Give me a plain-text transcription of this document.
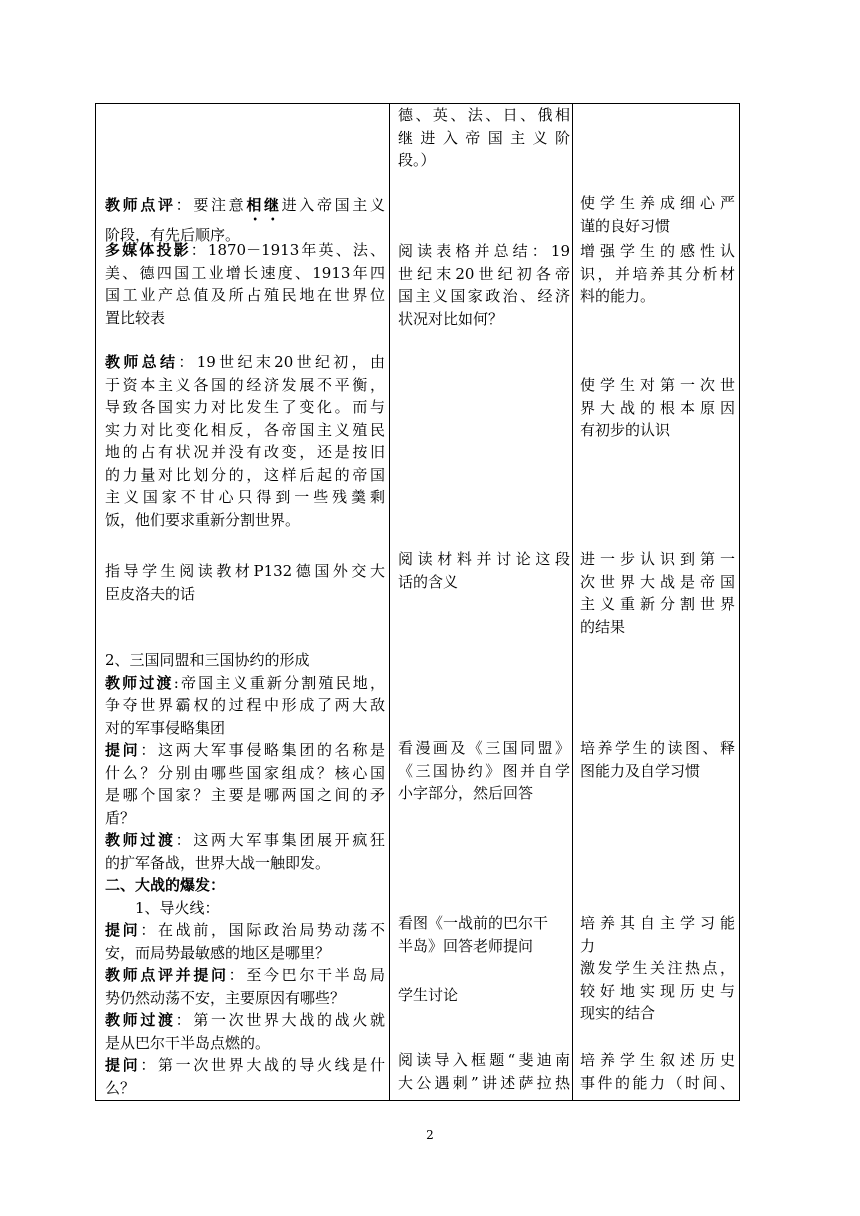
德、英、法、日、俄相

继进入帝国主义阶

段。）

阅读表格并总结：19

世纪末20世纪初各帝

国主义国家政治、经济

状况对比如何？

阅读材料并讨论这段

话的含义

看漫画及《三国同盟》

《三国协约》图并自学

小字部分，然后回答

看图《一战前的巴尔干

半岛》回答老师提问

学生讨论

阅读导入框题“斐迪南

大公遇刺”讲述萨拉热

使学生养成细心严

谨的良好习惯

增强学生的感性认

识，并培养其分析材

料的能力。

使学生对第一次世

界大战的根本原因

有初步的认识

进一步认识到第一

次世界大战是帝国

主义重新分割世界

的结果

培养学生的读图、释

图能力及自学习惯

培养其自主学习能

力

激发学生关注热点，

较好地实现历史与

现实的结合

培养学生叙述历史

事件的能力（时间、

教师点评：要注意相继进入帝国主义

阶段，有先后顺序。

多媒体投影：1870－1913年英、法、

美、德四国工业增长速度、1913年四

国工业产总值及所占殖民地在世界位

置比较表

教师总结：19世纪末20世纪初，由

于资本主义各国的经济发展不平衡，

导致各国实力对比发生了变化。而与

实力对比变化相反，各帝国主义殖民

地的占有状况并没有改变，还是按旧

的力量对比划分的，这样后起的帝国

主义国家不甘心只得到一些残羹剩

饭，他们要求重新分割世界。

指导学生阅读教材P132德国外交大

臣皮洛夫的话

2、三国同盟和三国协约的形成

教师过渡:帝国主义重新分割殖民地，

争夺世界霸权的过程中形成了两大敌

对的军事侵略集团

提问：这两大军事侵略集团的名称是

什么？分别由哪些国家组成？核心国

是哪个国家？主要是哪两国之间的矛

盾？

教师过渡：这两大军事集团展开疯狂

的扩军备战，世界大战一触即发。

二、大战的爆发：

1、导火线：

提问：在战前，国际政治局势动荡不

安，而局势最敏感的地区是哪里？

教师点评并提问：至今巴尔干半岛局

势仍然动荡不安，主要原因有哪些？

教师过渡：第一次世界大战的战火就

是从巴尔干半岛点燃的。

提问：第一次世界大战的导火线是什

么？

2
